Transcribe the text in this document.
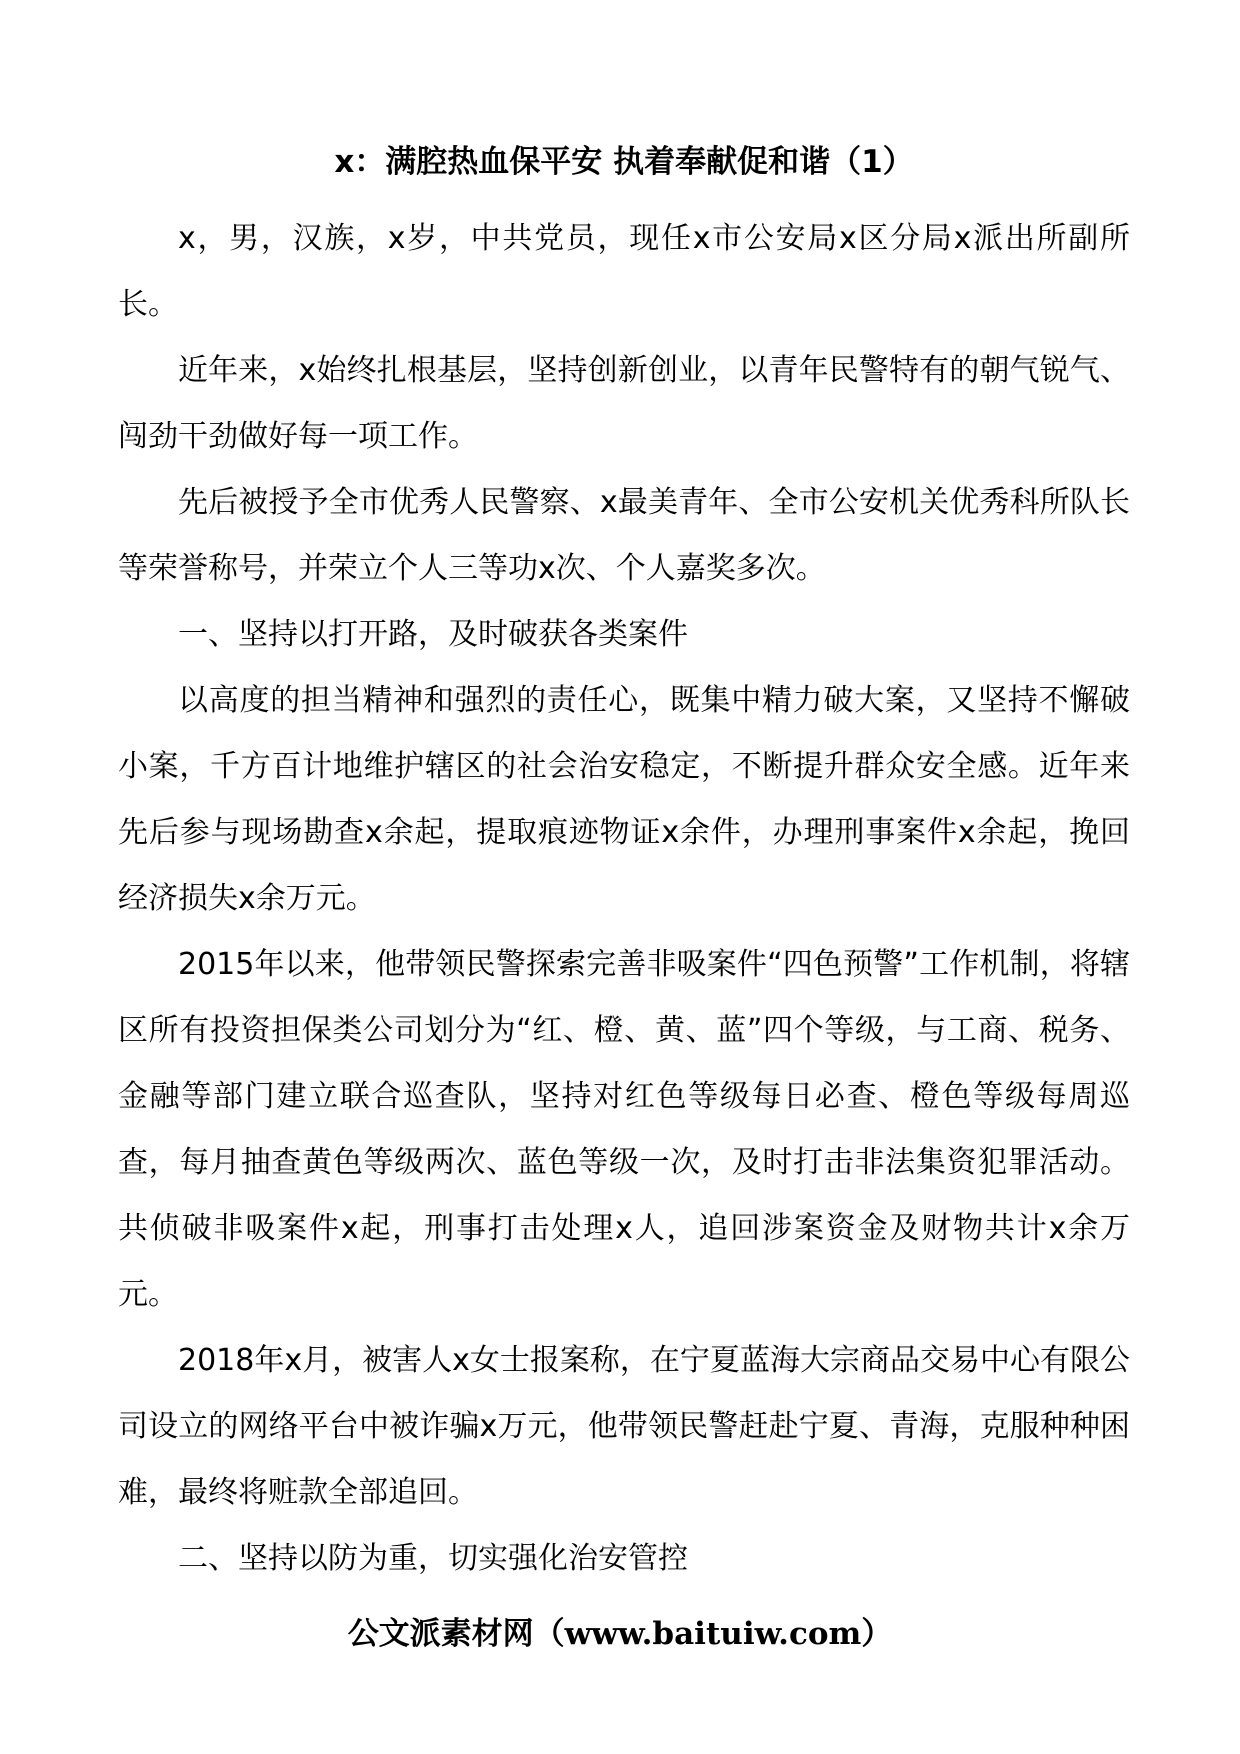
x：满腔热血保平安 执着奉献促和谐（1）

x，男，汉族，x岁，中共党员，现任x市公安局x区分局x派出所副所长。

近年来，x始终扎根基层，坚持创新创业，以青年民警特有的朝气锐气、闯劲干劲做好每一项工作。

先后被授予全市优秀人民警察、x最美青年、全市公安机关优秀科所队长等荣誉称号，并荣立个人三等功x次、个人嘉奖多次。

一、坚持以打开路，及时破获各类案件

以高度的担当精神和强烈的责任心，既集中精力破大案，又坚持不懈破小案，千方百计地维护辖区的社会治安稳定，不断提升群众安全感。近年来先后参与现场勘查x余起，提取痕迹物证x余件，办理刑事案件x余起，挽回经济损失x余万元。

2015年以来，他带领民警探索完善非吸案件“四色预警”工作机制，将辖区所有投资担保类公司划分为“红、橙、黄、蓝”四个等级，与工商、税务、金融等部门建立联合巡查队，坚持对红色等级每日必查、橙色等级每周巡查，每月抽查黄色等级两次、蓝色等级一次，及时打击非法集资犯罪活动。共侦破非吸案件x起，刑事打击处理x人，追回涉案资金及财物共计x余万元。

2018年x月，被害人x女士报案称，在宁夏蓝海大宗商品交易中心有限公司设立的网络平台中被诈骗x万元，他带领民警赶赴宁夏、青海，克服种种困难，最终将赃款全部追回。

二、坚持以防为重，切实强化治安管控

公文派素材网（www.baituiw.com）
